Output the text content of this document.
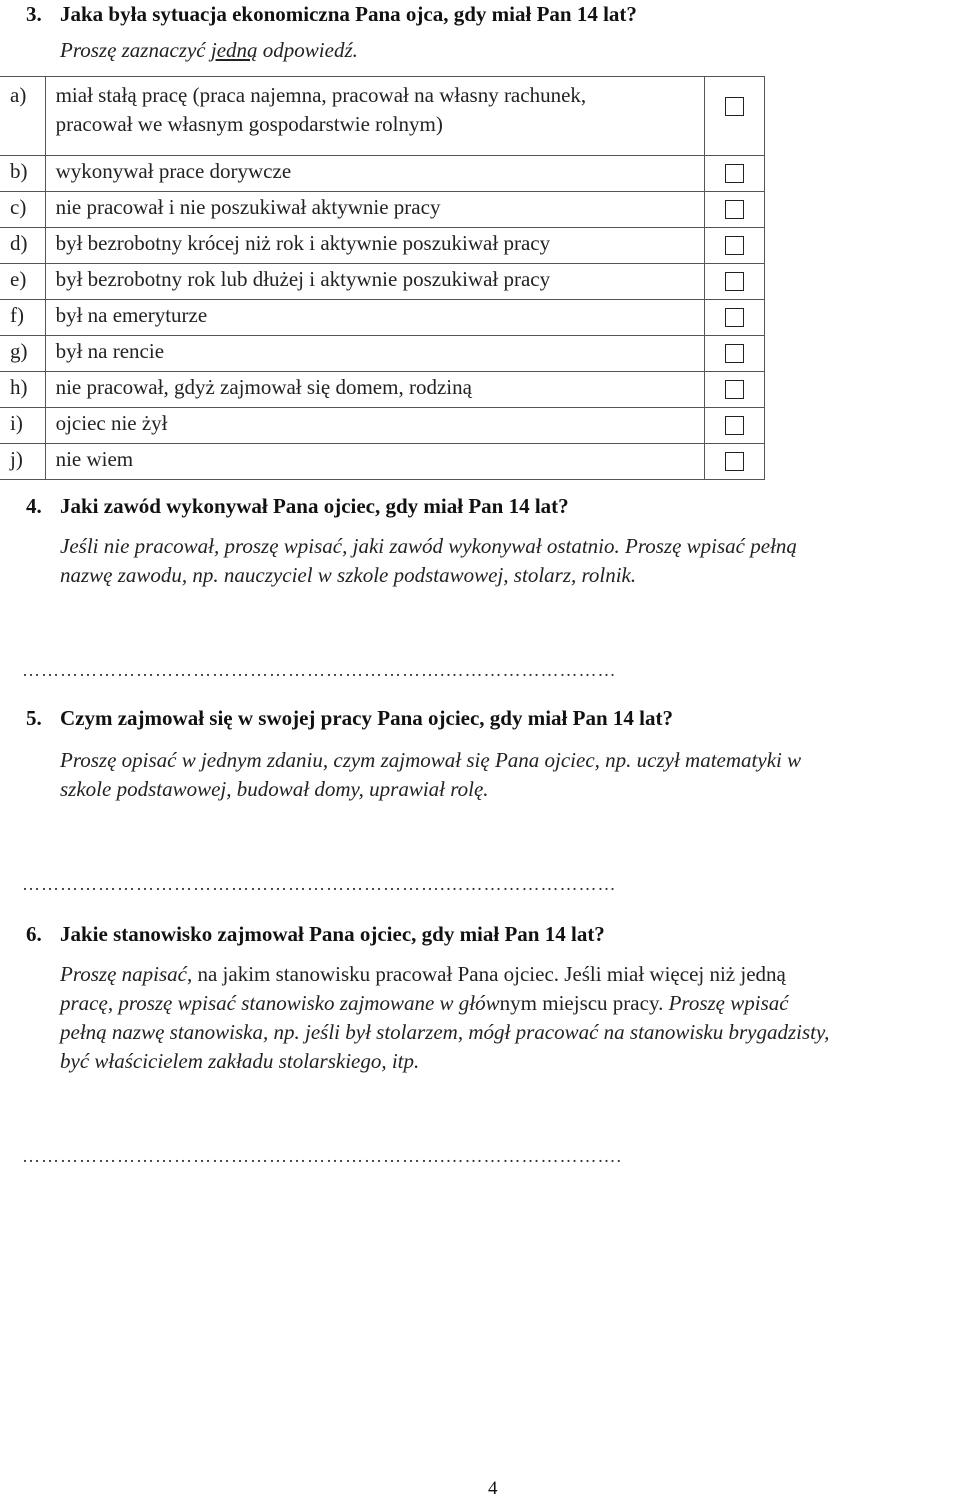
3. Jaka była sytuacja ekonomiczna Pana ojca, gdy miał Pan 14 lat?
Proszę zaznaczyć jedną odpowiedź.
a)	miał stałą pracę (praca najemna, pracował na własny rachunek,
pracował we własnym gospodarstwie rolnym)	

b)	wykonywał prace dorywcze	
c)	nie pracował i nie poszukiwał aktywnie pracy	
d)	był bezrobotny krócej niż rok i aktywnie poszukiwał pracy	
e)	był bezrobotny rok lub dłużej i aktywnie poszukiwał pracy	
f)	był na emeryturze	
g)	był na rencie	
h)	nie pracował, gdyż zajmował się domem, rodziną	
i)	ojciec nie żył	
j)	nie wiem	
4. Jaki zawód wykonywał Pana ojciec, gdy miał Pan 14 lat?
Jeśli nie pracował, proszę wpisać, jaki zawód wykonywał ostatnio. Proszę wpisać pełną
nazwę zawodu, np. nauczyciel w szkole podstawowej, stolarz, rolnik.
………………………………………………………….………………………
5. Czym zajmował się w swojej pracy Pana ojciec, gdy miał Pan 14 lat?
Proszę opisać w jednym zdaniu, czym zajmował się Pana ojciec, np. uczył matematyki w
szkole podstawowej, budował domy, uprawiał rolę.
………………………………………………………….………………………
6. Jakie stanowisko zajmował Pana ojciec, gdy miał Pan 14 lat?
Proszę napisać, na jakim stanowisku pracował Pana ojciec. Jeśli miał więcej niż jedną
pracę, proszę wpisać stanowisko zajmowane w głównym miejscu pracy. Proszę wpisać
pełną nazwę stanowiska, np. jeśli był stolarzem, mógł pracować na stanowisku brygadzisty,
być właścicielem zakładu stolarskiego, itp.
………………………………………………………….……………………….
4
